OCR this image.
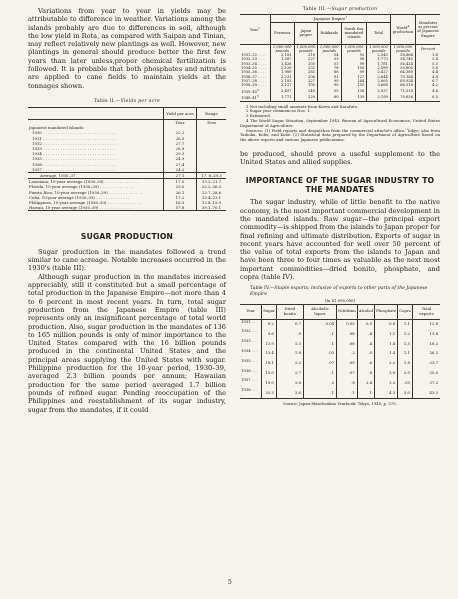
Variations from year to year in yields may be attributable to difference in weather. Variations among the islands probably are due to differences in soil, although the low yield in Rota, as compared with Saipan and Tinian, may reflect relatively new plantings as well. However, new plantings in general should produce better the first few years than later unless,proper chemical fertilization is followed. It is probable that both phosphates and nitrates are applied to cane fields to maintain yields at the tonnages shown.

Table II.—Yields per acre

	Yield per acre	Range
	Tons	Tons
Japanese mandated islands:		
1930 . . . . . . . . . . . . . . . . . . . . . . . . . . . . . .	22.2	
1931 . . . . . . . . . . . . . . . . . . . . . . . . . . . . . .	26.5	
1932 . . . . . . . . . . . . . . . . . . . . . . . . . . . . . .	27.7	
1933 . . . . . . . . . . . . . . . . . . . . . . . . . . . . . .	28.9	
1934 . . . . . . . . . . . . . . . . . . . . . . . . . . . . . .	29.3	
1935 . . . . . . . . . . . . . . . . . . . . . . . . . . . . . .	24.9	
1936 . . . . . . . . . . . . . . . . . . . . . . . . . . . . . .	27.4	
1937 . . . . . . . . . . . . . . . . . . . . . . . . . . . . . .	24.2	
Average, 1930–37	27.1	17. 6–29.3
Louisiana, 10-year average (1930–39) . . . . . . . . . . . . . .	17.0	13.2–21.7
Florida, 10-year average (1930–39) . . . . . . . . . . . . . .	29.0	22.2–36.3
Puerto Rico, 10-year average (1930–39) . . . . . . . . . . . . . .	26.1	22.7–28.6
Cuba, 10-year average (1930–39) . . . . . . . . . . . . . .	17.2	13.4–23.1
Philippines, 10-year average (1930–39) . . . . . . . . . . . . . .	16.5	12.8–19.9
Hawaii, 10-year average (1930–39) . . . . . . . . . . . . . .	57.8	39.1–70.1

SUGAR PRODUCTION

Sugar production in the mandates followed a trend similar to cane acreage. Notable increases occurred in the 1930's (table III).

Although sugar production in the mandates increased appreciably, still it constituted but a small percentage of total production in the Japanese Empire—not more than 4 to 6 percent in most recent years. In turn, total sugar production from the Japanese Empire (table III) represents only an insignificant percentage of total world production. Also, sugar production in the mandates of 136 to 165 million pounds is only of minor importance to the United States compared with the 16 billion pounds produced in the continental United States and the principal areas supplying the United States with sugar. Philippine production for the 10-year period, 1930–39, averaged 2.3 billion pounds per annum; Hawaiian production for the same period averaged 1.7 billion pounds of refined sugar. Pending reoccupation of the Philippines and reestablishment of its sugar industry, sugar from the mandates, if it could

Table III.—Sugar production

Year$^1$	Japanese Empire$^1$					World$^4$ production	Mandates as percent of Japanese Empire
	Formosa	Japan proper	Hokkaido	South Sea mandated islands	Total		
	1,000,000 pounds	1,000,000 pounds	1,000,000 pounds	1,000,000 pounds	1,000,000 pounds	1,000,000 pounds	Percent
1931–32 . . . .	2,181	218	54	92	2,545	58,664	3.6
1932–33 . . . .	1,287	227	53	96	1,773	54,740	5.4
1933–34 . . . .	1,426	203	51	99	1,781	56,424	5.5
1934–35 . . . .	2,129	232	78	150	2,589	55,600	5.8
1935–36 . . . .	1,989	263	68	99	2,427	64,380	4.4
1936–37 . . . .	2,231	206	91	127	2,644	70,184	4.8
1937–38 . . . .	2,183	227	90	164	2,665	69,934	6.7
1938–39 . . . .	3,127	195	90	155	3,668	66,518	4.2
$1939-40^3$	2,497	249	55	136	2,937	71,518	4.6
$1940-41^3$	1,771	229	60	139	2,199	70,636	6.3
1 Not including small amounts from Korea and Karafuto.
2 Sugar year commences Nov. 1.
3 Estimated.
4 The World Sugar Situation, September 1943, Bureau of Agricultural Economics, United States Department of Agriculture.
Sources: (1) Field reports and despatches from the commercial attaché's office, Tokyo; also from Taihoku, Kobe, and Kobe. (2) Statistical data prepared by the Department of Agriculture based on the above reports and various Japanese publications.

be produced, should prove a useful supplement to the United States and allied supplies.

IMPORTANCE OF THE SUGAR INDUSTRY TO THE MANDATES

The sugar industry, while of little benefit to the native economy, is the most important commercial development in the mandated islands. Raw sugar—the principal export commodity—is shipped from the islands to Japan proper for final refining and ultimate distribution. Exports of sugar in recent years have accounted for well over 50 percent of the value of total exports from the islands to Japan and have been three to four times as valuable as the next most important commodities—dried bonito, phosphate, and copra (table IV).

Table IV.—Staple exports, inclusive of exports to other parts of the Japanese Empire

[In ¥1,000,000]

Year	Sugar	Dried bonito	Alcoholic liquor	Nitidisim	Alcohol	Phosphate	Copra	Total exports
1931 . . . .	9.2	0.7	0.04	0.05	0.3	0.8	1.1	12.8
1932 . . . .	9.6	.9	.1	.08	.4	1.1	1.2	13.8
1933 . . . .	13.9	1.3	.1	.08	.4	1.4	1.5	18.2
1934 . . . .	13.4	1.8	.03	.2	.5	1.4	1.1	26.3
1935 . . . .	18.1	2.2	.07	.09	.6	2.2	1.8	23.7
1936 . . . .	13.0	2.7	.1	.07	.8	3.9	2.0	25.0
1937 . . . .	19.0	3.8	.2	.8	2.4	3.3	.05	37.2
1938 . . . .	25.3	3.6	.1	.1	.1	4.3	3.0	43.2

Source: Japan-Manchoukuo Yearbook: Tokyo, 1940, p. 570.

5
